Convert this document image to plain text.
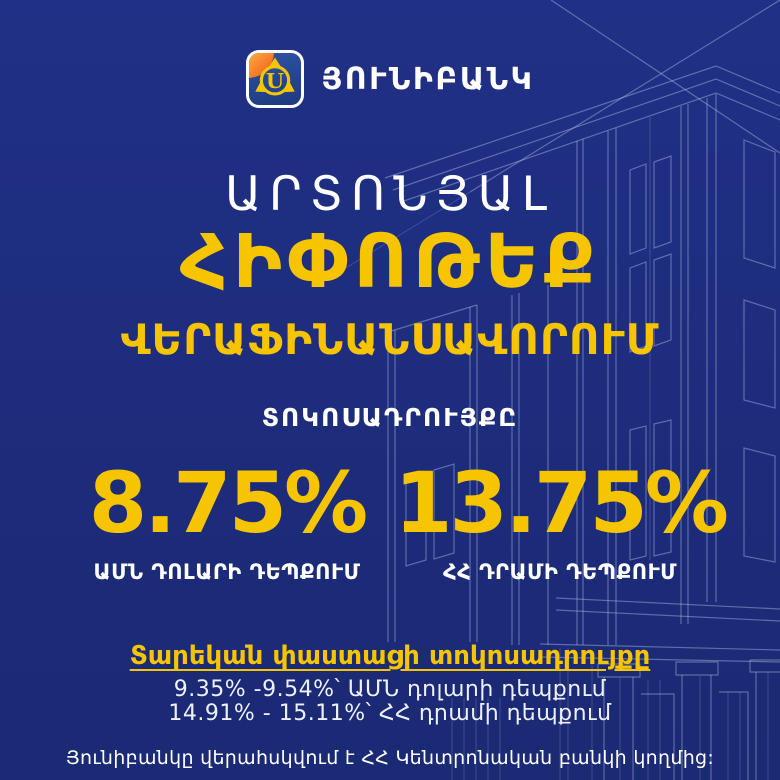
U ՅՈՒՆԻԲԱՆԿ
ԱՐՏՈՆՅԱԼ
ՀԻՓՈԹԵՔ
ՎԵՐԱՖԻՆԱՆՍԱՎՈՐՈՒՄ
ՏՈԿՈՍԱԴՐՈՒՅՔԸ
8.75%
ԱՄՆ ԴՈԼԱՐԻ ԴԵՊՔՈՒՄ
13.75%
ՀՀ ԴՐԱՄԻ ԴԵՊՔՈՒՄ
Տարեկան փաստացի տոկոսադրույքը
9.35% -9.54%՝ ԱՄՆ դոլարի դեպքում
14.91% - 15.11%՝ ՀՀ դրամի դեպքում
Յունիբանկը վերահսկվում է ՀՀ Կենտրոնական բանկի կողմից:
